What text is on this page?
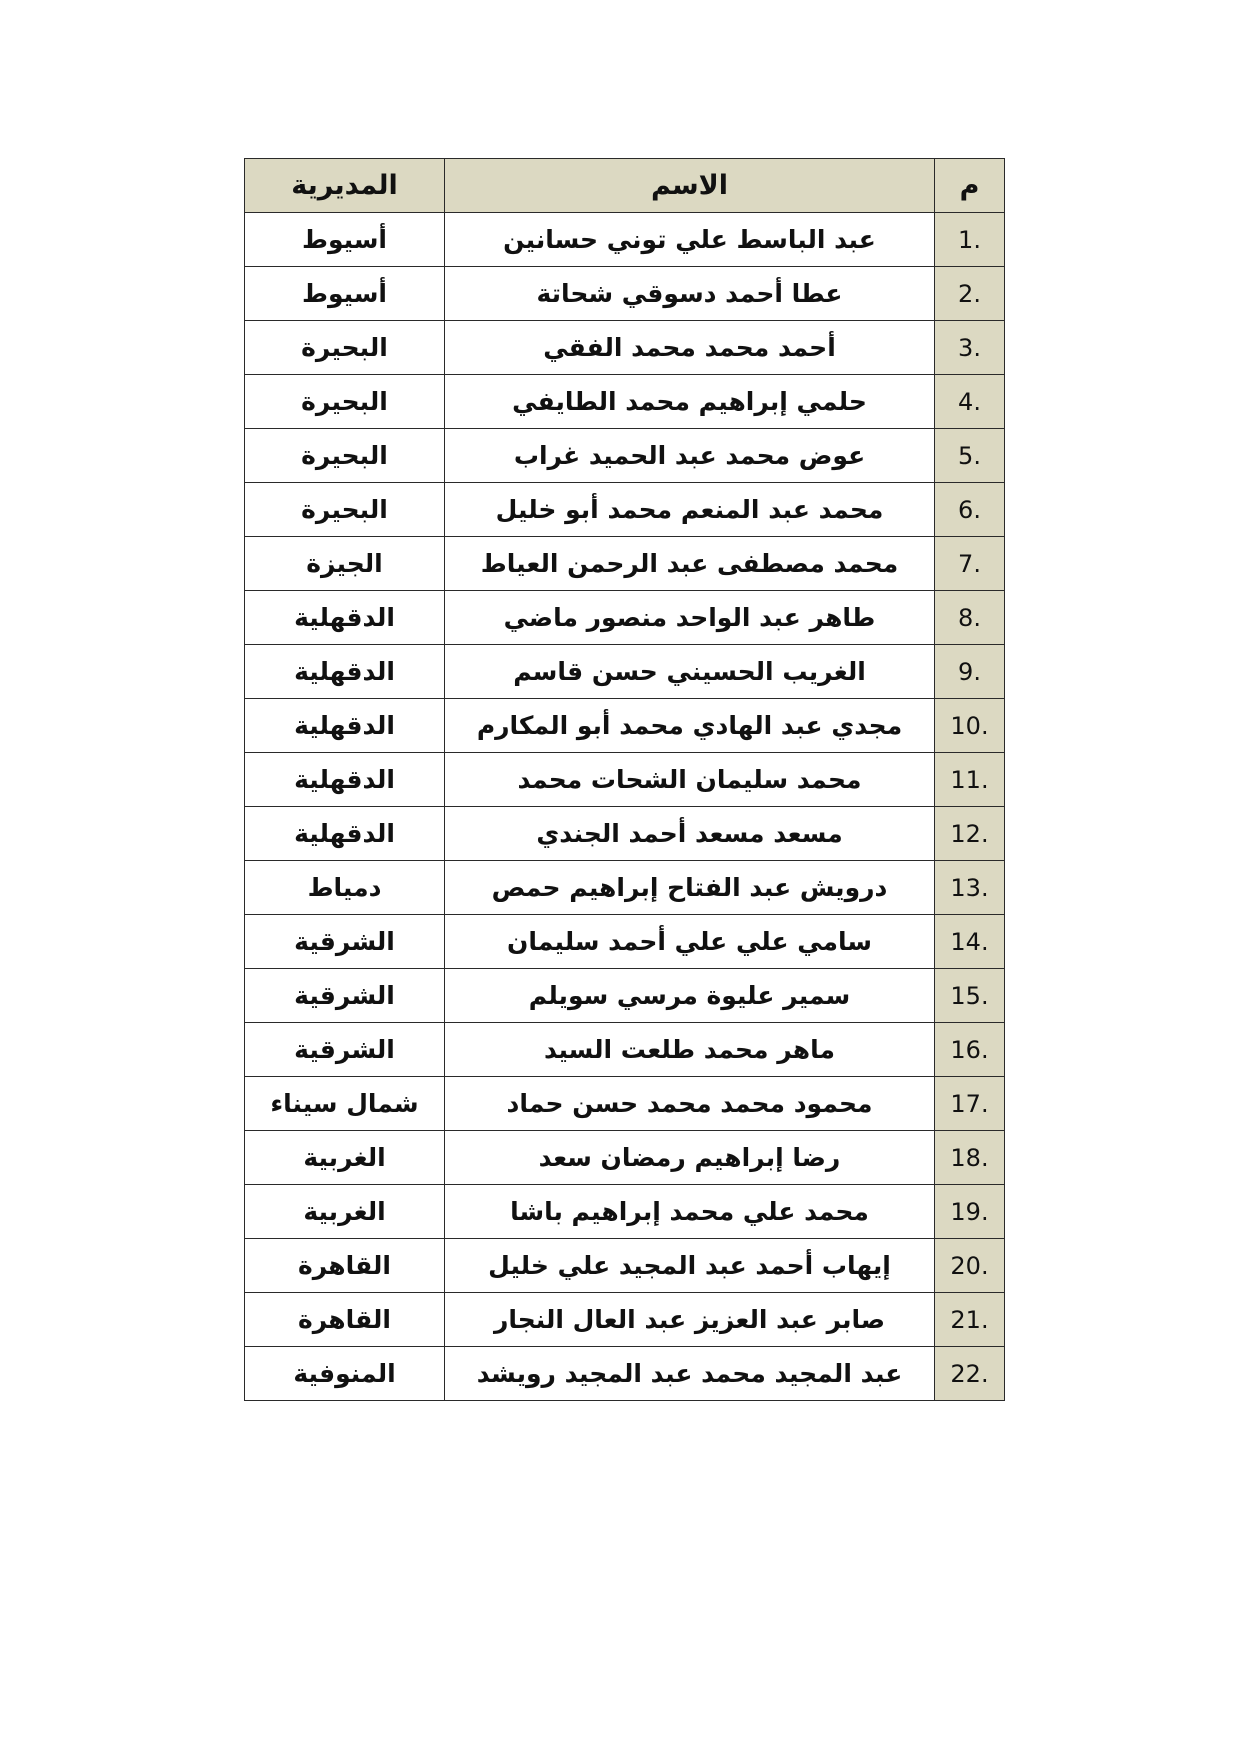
م	الاسم	المديرية
1.	عبد الباسط علي توني حسانين	أسيوط
2.	عطا أحمد دسوقي شحاتة	أسيوط
3.	أحمد محمد محمد الفقي	البحيرة
4.	حلمي إبراهيم محمد الطايفي	البحيرة
5.	عوض محمد عبد الحميد غراب	البحيرة
6.	محمد عبد المنعم محمد أبو خليل	البحيرة
7.	محمد مصطفى عبد الرحمن العياط	الجيزة
8.	طاهر عبد الواحد منصور ماضي	الدقهلية
9.	الغريب الحسيني حسن قاسم	الدقهلية
10.	مجدي عبد الهادي محمد أبو المكارم	الدقهلية
11.	محمد سليمان الشحات محمد	الدقهلية
12.	مسعد مسعد أحمد الجندي	الدقهلية
13.	درويش عبد الفتاح إبراهيم حمص	دمياط
14.	سامي علي علي أحمد سليمان	الشرقية
15.	سمير عليوة مرسي سويلم	الشرقية
16.	ماهر محمد طلعت السيد	الشرقية
17.	محمود محمد محمد حسن حماد	شمال سيناء
18.	رضا إبراهيم رمضان سعد	الغربية
19.	محمد علي محمد إبراهيم باشا	الغربية
20.	إيهاب أحمد عبد المجيد علي خليل	القاهرة
21.	صابر عبد العزيز عبد العال النجار	القاهرة
22.	عبد المجيد محمد عبد المجيد رويشد	المنوفية
